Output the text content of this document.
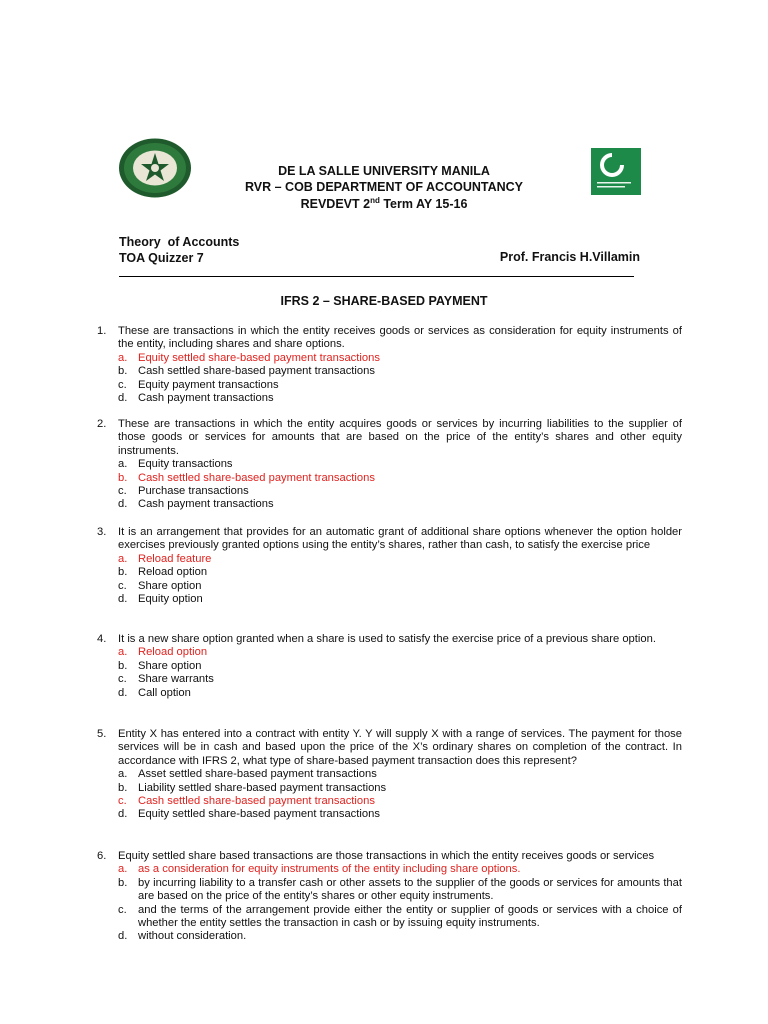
DE LA SALLE UNIVERSITY MANILA
RVR – COB DEPARTMENT OF ACCOUNTANCY
REVDEVT 2nd Term AY 15-16
Theory  of Accounts
TOA Quizzer 7	Prof. Francis H.Villamin
IFRS 2 – SHARE-BASED PAYMENT
1. These are transactions in which the entity receives goods or services as consideration for equity instruments of the entity, including shares and share options.
a. Equity settled share-based payment transactions
b. Cash settled share-based payment transactions
c. Equity payment transactions
d. Cash payment transactions
2. These are transactions in which the entity acquires goods or services by incurring liabilities to the supplier of those goods or services for amounts that are based on the price of the entity’s shares and other equity instruments.
a. Equity transactions
b. Cash settled share-based payment transactions
c. Purchase transactions
d. Cash payment transactions
3. It is an arrangement that provides for an automatic grant of additional share options whenever the option holder exercises previously granted options using the entity’s shares, rather than cash, to satisfy the exercise price
a. Reload feature
b. Reload option
c. Share option
d. Equity option
4. It is a new share option granted when a share is used to satisfy the exercise price of a previous share option.
a. Reload option
b. Share option
c. Share warrants
d. Call option
5. Entity X has entered into a contract with entity Y. Y will supply X with a range of services. The payment for those services will be in cash and based upon the price of the X’s ordinary shares on completion of the contract. In accordance with IFRS 2, what type of share-based payment transaction does this represent?
a. Asset settled share-based payment transactions
b. Liability settled share-based payment transactions
c. Cash settled share-based payment transactions
d. Equity settled share-based payment transactions
6. Equity settled share based transactions are those transactions in which the entity receives goods or services
a. as a consideration for equity instruments of the entity including share options.
b. by incurring liability to a transfer cash or other assets to the supplier of the goods or services for amounts that are based on the price of the entity’s shares or other equity instruments.
c.	and the terms of the arrangement provide either the entity or supplier of goods or services with a choice of whether the entity settles the transaction in cash or by issuing equity instruments.
d. without consideration.
